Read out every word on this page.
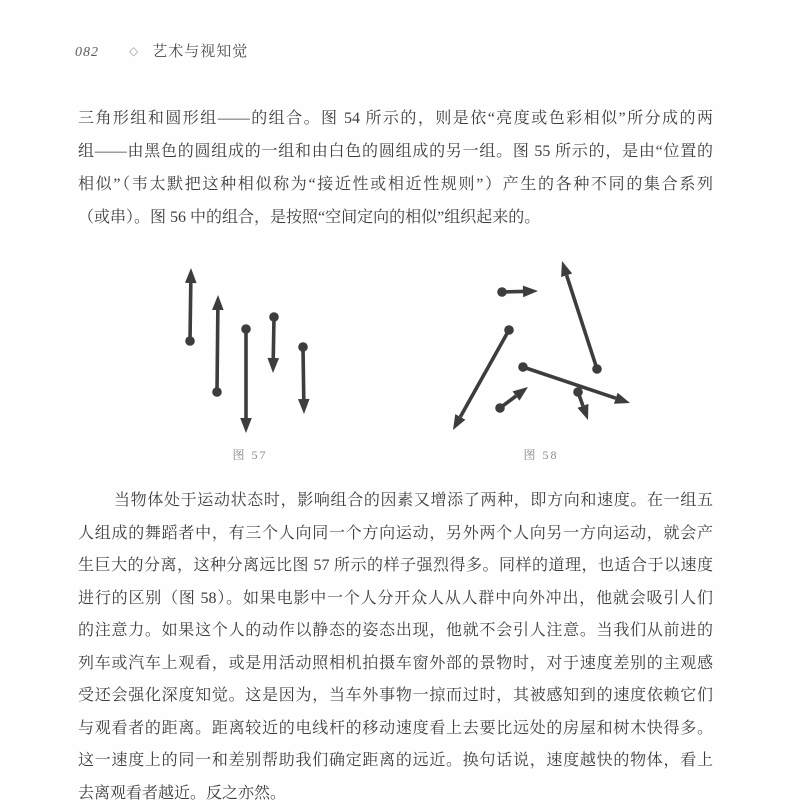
082	◇ 艺术与视知觉
三角形组和圆形组——的组合。图 54 所示的，则是依“亮度或色彩相似”所分成的两
组——由黑色的圆组成的一组和由白色的圆组成的另一组。图 55 所示的，是由“位置的
相似”（韦太默把这种相似称为“接近性或相近性规则”）产生的各种不同的集合系列
（或串）。图 56 中的组合，是按照“空间定向的相似”组织起来的。
图 57	图 58
当物体处于运动状态时，影响组合的因素又增添了两种，即方向和速度。在一组五
人组成的舞蹈者中，有三个人向同一个方向运动，另外两个人向另一方向运动，就会产
生巨大的分离，这种分离远比图 57 所示的样子强烈得多。同样的道理，也适合于以速度
进行的区别（图 58）。如果电影中一个人分开众人从人群中向外冲出，他就会吸引人们
的注意力。如果这个人的动作以静态的姿态出现，他就不会引人注意。当我们从前进的
列车或汽车上观看，或是用活动照相机拍摄车窗外部的景物时，对于速度差别的主观感
受还会强化深度知觉。这是因为，当车外事物一掠而过时，其被感知到的速度依赖它们
与观看者的距离。距离较近的电线杆的移动速度看上去要比远处的房屋和树木快得多。
这一速度上的同一和差别帮助我们确定距离的远近。换句话说，速度越快的物体，看上
去离观看者越近。反之亦然。
